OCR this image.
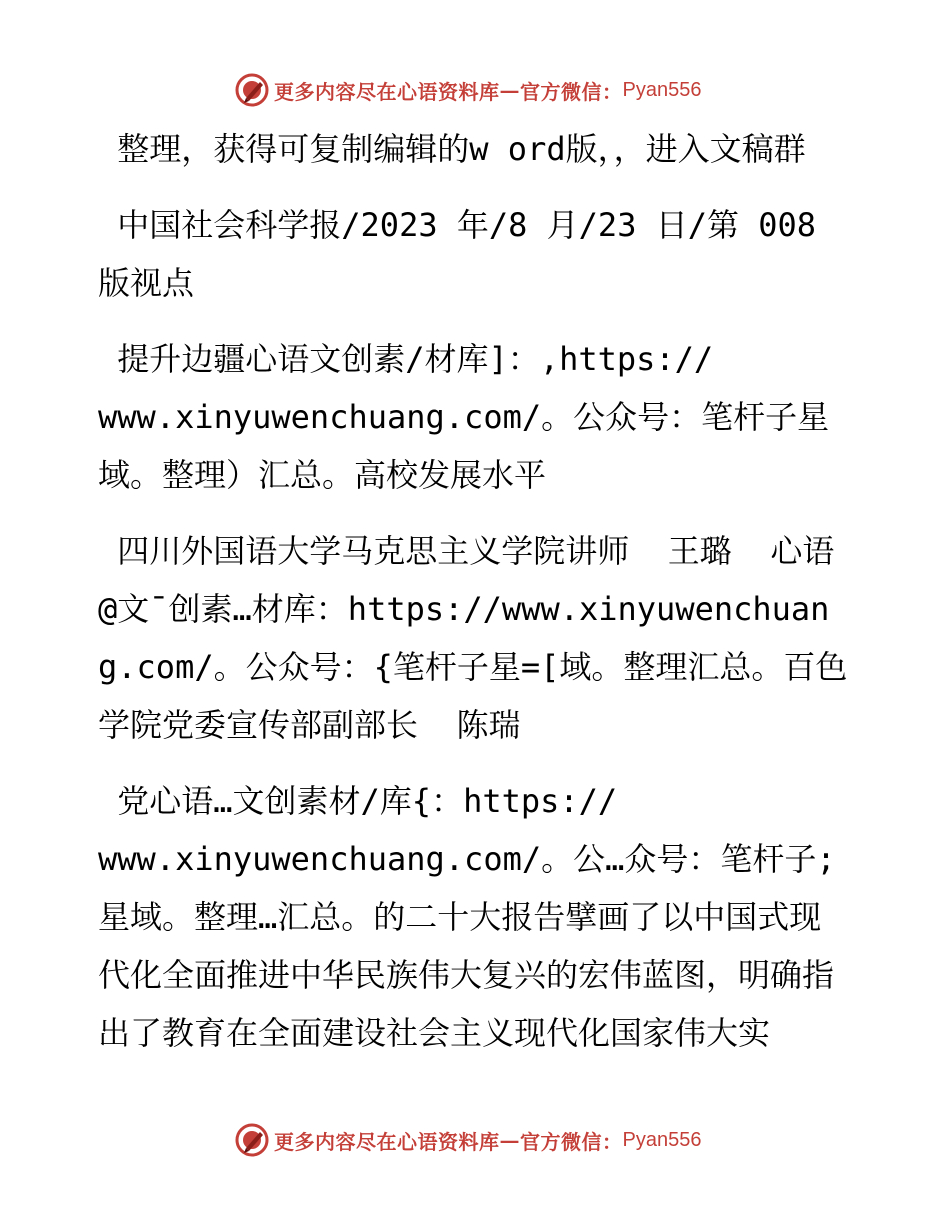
更多内容尽在心语资料库 — 官方微信： Pyan556

整理，获得可复制编辑的w ord版，，进入文稿群

中国社会科学报/2023 年/8 月/23 日/第 008 版视点

提升边疆心语文创素/材库]：,https://
www.xinyuwenchuang.com/。公众号：笔杆子星
域。整理）汇总。高校发展水平

四川外国语大学马克思主义学院讲师  王璐  心语@文¯创素…材库：https://www.xinyuwenchuang.com/。公众号：{笔杆子星=[域。整理汇总。百色学院党委宣传部副部长  陈瑞

党心语…文创素材/库{：https://
www.xinyuwenchuang.com/。公…众号：笔杆子;星域。整理…汇总。的二十大报告擘画了以中国式现代化全面推进中华民族伟大复兴的宏伟蓝图，明确指出了教育在全面建设社会主义现代化国家伟大实

更多内容尽在心语资料库 — 官方微信： Pyan556
